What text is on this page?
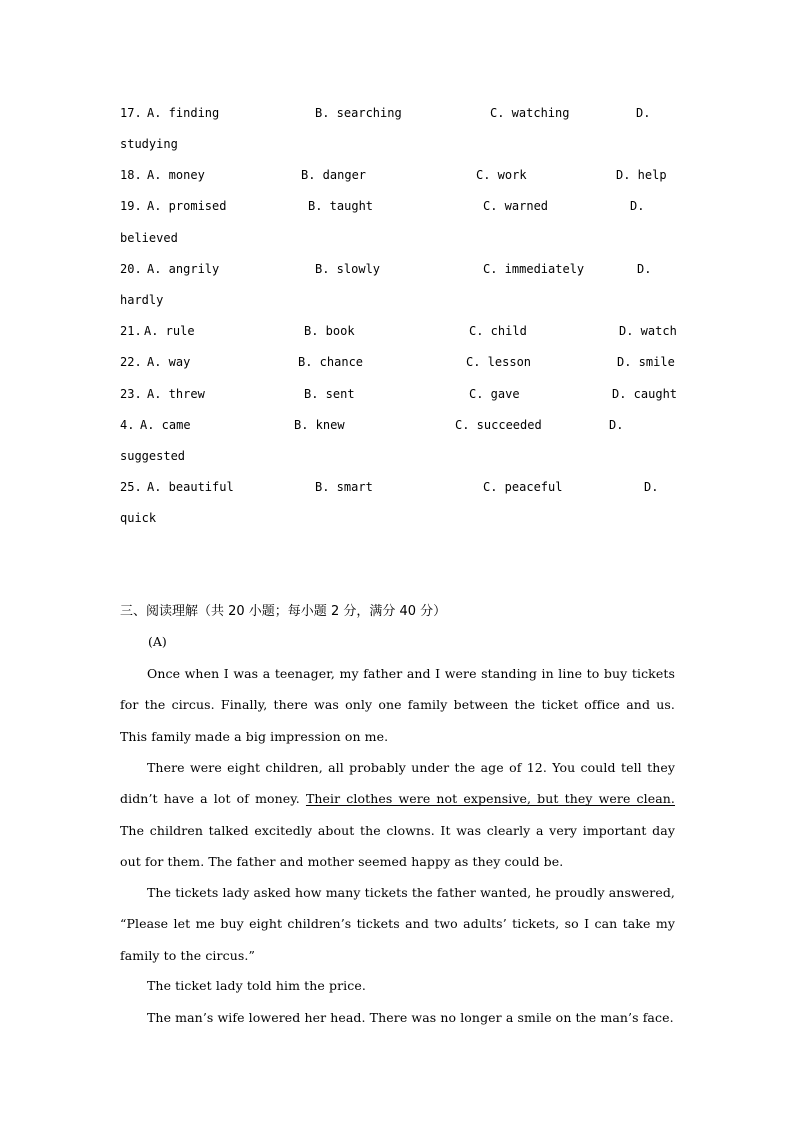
17. A. finding	B. searching	C. watching	D.
studying
18. A. money	B. danger	C. work	D. help
19. A. promised	B. taught	C. warned	D.
believed
20. A. angrily	B. slowly	C. immediately	D.
hardly
21. A. rule	B. book	C. child	D. watch
22. A. way	B. chance	C. lesson	D. smile
23. A. threw	B. sent	C. gave	D. caught
4. A. came	B. knew	C. succeeded	D.
suggested
25. A. beautiful	B. smart	C. peaceful	D.
quick
三、阅读理解（共 20 小题；每小题 2 分，满分 40 分）
(A)
Once when I was a teenager, my father and I were standing in line to buy tickets for the circus. Finally, there was only one family between the ticket office and us. This family made a big impression on me.
There were eight children, all probably under the age of 12. You could tell they didn’t have a lot of money. Their clothes were not expensive, but they were clean. The children talked excitedly about the clowns. It was clearly a very important day out for them. The father and mother seemed happy as they could be.
The tickets lady asked how many tickets the father wanted, he proudly answered, “Please let me buy eight children’s tickets and two adults’ tickets, so I can take my family to the circus.”
The ticket lady told him the price.
The man’s wife lowered her head. There was no longer a smile on the man’s face.
